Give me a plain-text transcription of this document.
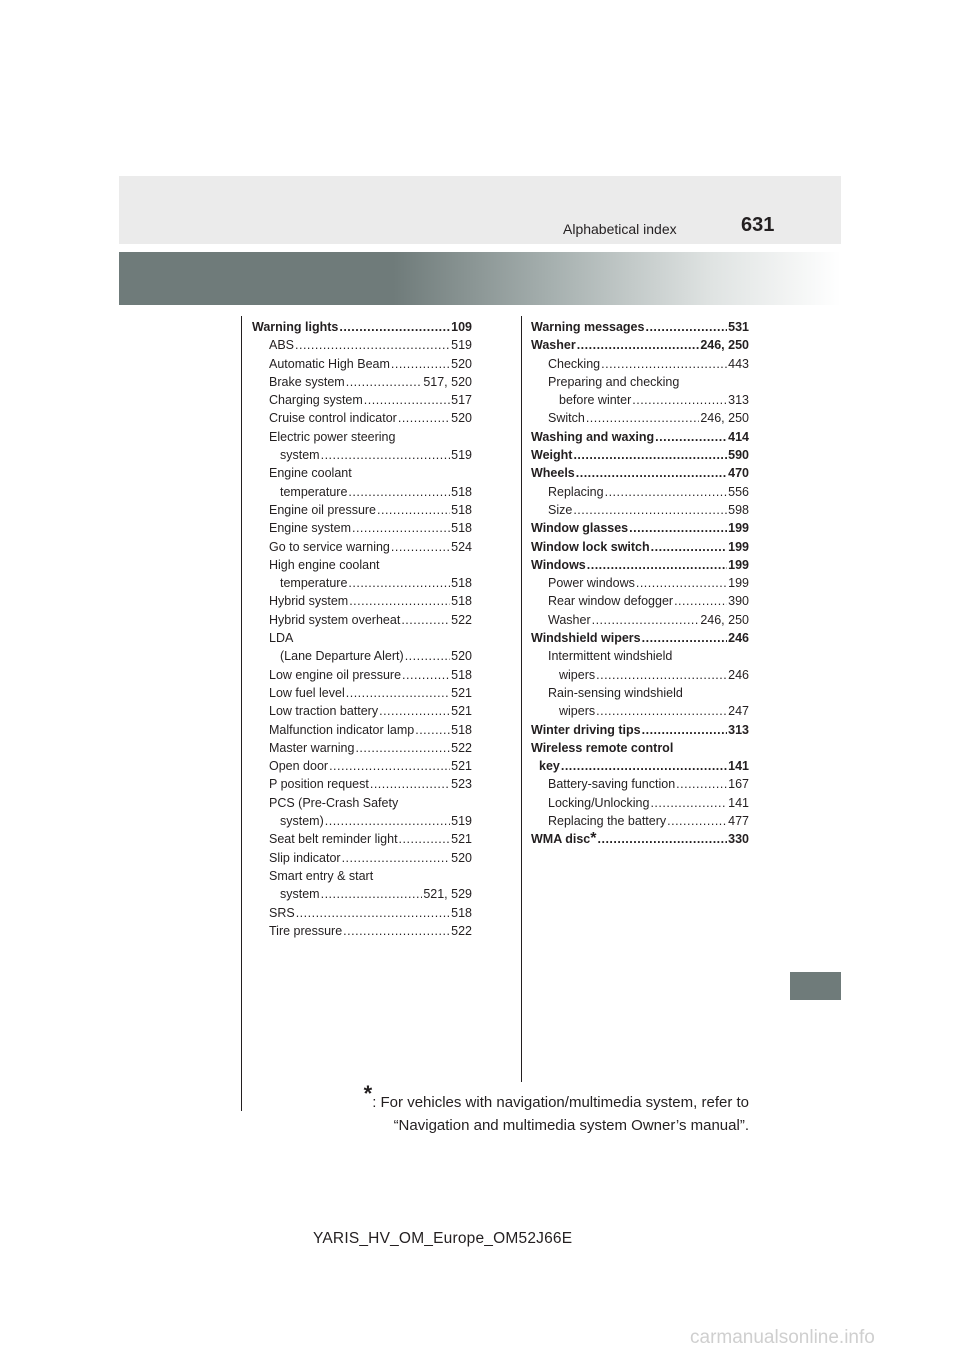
Alphabetical index	631
Warning lights .....	109
ABS .....	519
Automatic High Beam .....	520
Brake system .....	517, 520
Charging system .....	517
Cruise control indicator .....	520
Electric power steering
system .....	519
Engine coolant
temperature .....	518
Engine oil pressure .....	518
Engine system .....	518
Go to service warning .....	524
High engine coolant
temperature .....	518
Hybrid system .....	518
Hybrid system overheat .....	522
LDA
(Lane Departure Alert) .....	520
Low engine oil pressure .....	518
Low fuel level .....	521
Low traction battery .....	521
Malfunction indicator lamp .....	518
Master warning .....	522
Open door .....	521
P position request .....	523
PCS (Pre-Crash Safety
system) .....	519
Seat belt reminder light .....	521
Slip indicator .....	520
Smart entry & start
system .....	521, 529
SRS .....	518
Tire pressure .....	522
Warning messages .....	531
Washer .....	246, 250
Checking .....	443
Preparing and checking
before winter .....	313
Switch .....	246, 250
Washing and waxing .....	414
Weight .....	590
Wheels .....	470
Replacing .....	556
Size .....	598
Window glasses .....	199
Window lock switch .....	199
Windows .....	199
Power windows .....	199
Rear window defogger .....	390
Washer .....	246, 250
Windshield wipers .....	246
Intermittent windshield
wipers .....	246
Rain-sensing windshield
wipers .....	247
Winter driving tips .....	313
Wireless remote control
key .....	141
Battery-saving function .....	167
Locking/Unlocking .....	141
Replacing the battery .....	477
WMA disc * .....	330
*: For vehicles with navigation/multimedia system, refer to
“Navigation and multimedia system Owner’s manual”.
YARIS_HV_OM_Europe_OM52J66E
carmanualsonline.info
